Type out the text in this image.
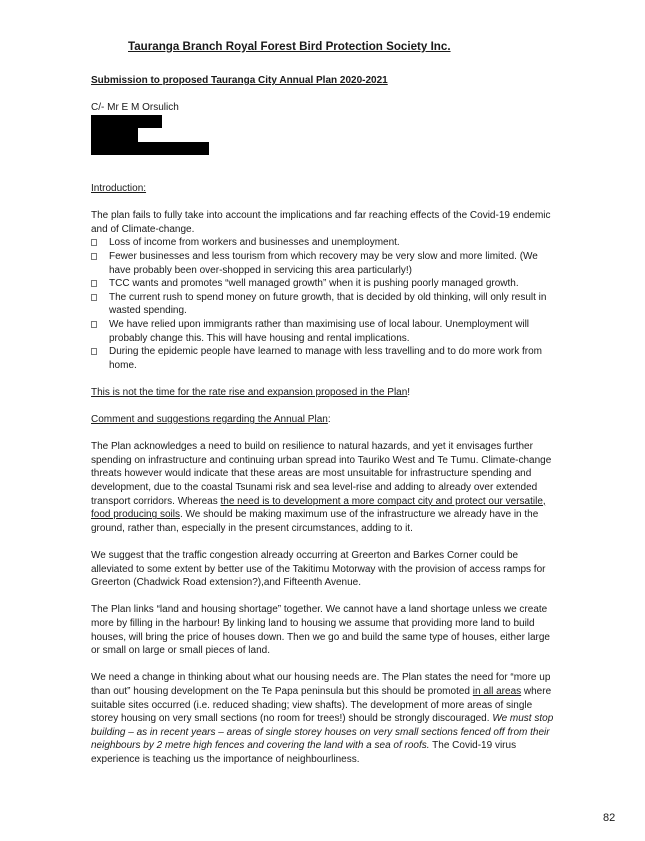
Tauranga Branch Royal Forest Bird Protection Society Inc.

Submission to proposed Tauranga City Annual Plan 2020-2021

C/- Mr E M Orsulich

Introduction:

The plan fails to fully take into account the implications and far reaching effects of the Covid-19 endemic and of Climate-change.

Loss of income from workers and businesses and unemployment.
Fewer businesses and less tourism from which recovery may be very slow and more limited. (We have probably been over-shopped in servicing this area particularly!)
TCC wants and promotes “well managed growth” when it is pushing poorly managed growth.
The current rush to spend money on future growth, that is decided by old thinking, will only result in wasted spending.
We have relied upon immigrants rather than maximising use of local labour. Unemployment will probably change this. This will have housing and rental implications.
During the epidemic people have learned to manage with less travelling and to do more work from home.

This is not the time for the rate rise and expansion proposed in the Plan!

Comment and suggestions regarding the Annual Plan:

The Plan acknowledges a need to build on resilience to natural hazards, and yet it envisages further spending on infrastructure and continuing urban spread into Tauriko West and Te Tumu. Climate-change threats however would indicate that these areas are most unsuitable for infrastructure spending and development, due to the coastal Tsunami risk and sea level-rise and adding to already over extended transport corridors. Whereas the need is to development a more compact city and protect our versatile, food producing soils. We should be making maximum use of the infrastructure we already have in the ground, rather than, especially in the present circumstances, adding to it.

We suggest that the traffic congestion already occurring at Greerton and Barkes Corner could be alleviated to some extent by better use of the Takitimu Motorway with the provision of access ramps for Greerton (Chadwick Road extension?),and Fifteenth Avenue.

The Plan links “land and housing shortage” together. We cannot have a land shortage unless we create more by filling in the harbour! By linking land to housing we assume that providing more land to build houses, will bring the price of houses down. Then we go and build the same type of houses, either large or small on large or small pieces of land.

We need a change in thinking about what our housing needs are. The Plan states the need for “more up than out” housing development on the Te Papa peninsula but this should be promoted in all areas where suitable sites occurred (i.e. reduced shading; view shafts). The development of more areas of single storey housing on very small sections (no room for trees!) should be strongly discouraged. We must stop building – as in recent years – areas of single storey houses on very small sections fenced off from their neighbours by 2 metre high fences and covering the land with a sea of roofs. The Covid-19 virus experience is teaching us the importance of neighbourliness.

82
